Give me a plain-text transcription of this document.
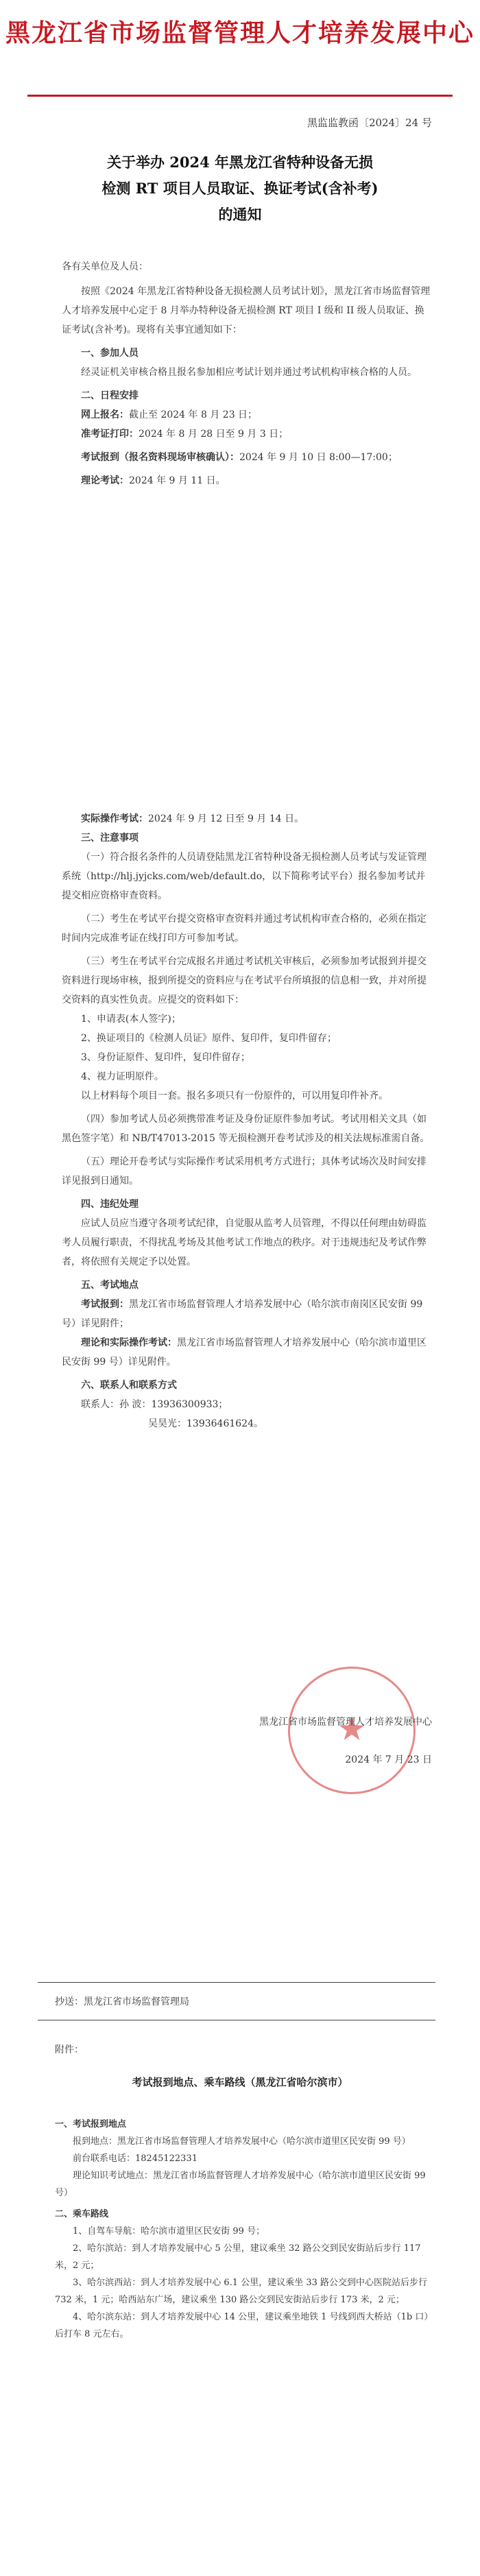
黑龙江省市场监督管理人才培养发展中心
黑监监教函〔2024〕24 号
关于举办 2024 年黑龙江省特种设备无损
检测 RT 项目人员取证、换证考试(含补考)
的通知

各有关单位及人员：

按照《2024 年黑龙江省特种设备无损检测人员考试计划》，黑龙江省市场监督管理人才培养发展中心定于 8 月举办特种设备无损检测 RT 项目 I 级和 II 级人员取证、换证考试(含补考)。现将有关事宜通知如下：

一、参加人员

经灵证机关审核合格且报名参加相应考试计划并通过考试机构审核合格的人员。

二、日程安排

网上报名：截止至 2024 年 8 月 23 日；

准考证打印：2024 年 8 月 28 日至 9 月 3 日；

考试报到（报名资料现场审核确认）：2024 年 9 月 10 日 8:00—17:00；

理论考试：2024 年 9 月 11 日。

实际操作考试：2024 年 9 月 12 日至 9 月 14 日。

三、注意事项

（一）符合报名条件的人员请登陆黑龙江省特种设备无损检测人员考试与发证管理系统（http://hlj.jyjcks.com/web/default.do，以下简称考试平台）报名参加考试并提交相应资格审查资料。

（二）考生在考试平台提交资格审查资料并通过考试机构审查合格的，必须在指定时间内完成准考证在线打印方可参加考试。

（三）考生在考试平台完成报名并通过考试机关审核后，必须参加考试报到并提交资料进行现场审核，报到所提交的资料应与在考试平台所填报的信息相一致，并对所提交资料的真实性负责。应提交的资料如下：

1、申请表(本人签字)；

2、换证项目的《检测人员证》原件、复印件，复印件留存；

3、身份证原件、复印件，复印件留存；

4、视力证明原件。

以上材料每个项目一套。报名多项只有一份原件的，可以用复印件补齐。

（四）参加考试人员必须携带准考证及身份证原件参加考试。考试用相关文具（如黑色签字笔）和 NB/T47013-2015 等无损检测开卷考试涉及的相关法规标准需自备。

（五）理论开卷考试与实际操作考试采用机考方式进行；具体考试场次及时间安排详见报到日通知。

四、违纪处理

应试人员应当遵守各项考试纪律，自觉服从监考人员管理，不得以任何理由妨碍监考人员履行职责，不得扰乱考场及其他考试工作地点的秩序。对于违规违纪及考试作弊者，将依照有关规定予以处置。

五、考试地点

考试报到：黑龙江省市场监督管理人才培养发展中心（哈尔滨市南岗区民安街 99 号）详见附件；

理论和实际操作考试：黑龙江省市场监督管理人才培养发展中心（哈尔滨市道里区民安街 99 号）详见附件。

六、联系人和联系方式

联系人：孙 波：13936300933；

吴昊光：13936461624。

★
黑龙江省市场监督管理人才培养发展中心
2024 年 7 月 23 日
抄送：黑龙江省市场监督管理局
附件：
考试报到地点、乘车路线（黑龙江省哈尔滨市）

一、考试报到地点

报到地点：黑龙江省市场监督管理人才培养发展中心（哈尔滨市道里区民安街 99 号）

前台联系电话：18245122331

理论知识考试地点：黑龙江省市场监督管理人才培养发展中心（哈尔滨市道里区民安街 99 号）

二、乘车路线

1、自驾车导航：哈尔滨市道里区民安街 99 号；

2、哈尔滨站：到人才培养发展中心 5 公里，建议乘坐 32 路公交到民安街站后步行 117 米，2 元；

3、哈尔滨西站：到人才培养发展中心 6.1 公里，建议乘坐 33 路公交到中心医院站后步行 732 米，1 元；哈西站东广场，建议乘坐 130 路公交到民安街站后步行 173 米，2 元；

4、哈尔滨东站：到人才培养发展中心 14 公里，建议乘坐地铁 1 号线到西大桥站（1b 口）后打车 8 元左右。
